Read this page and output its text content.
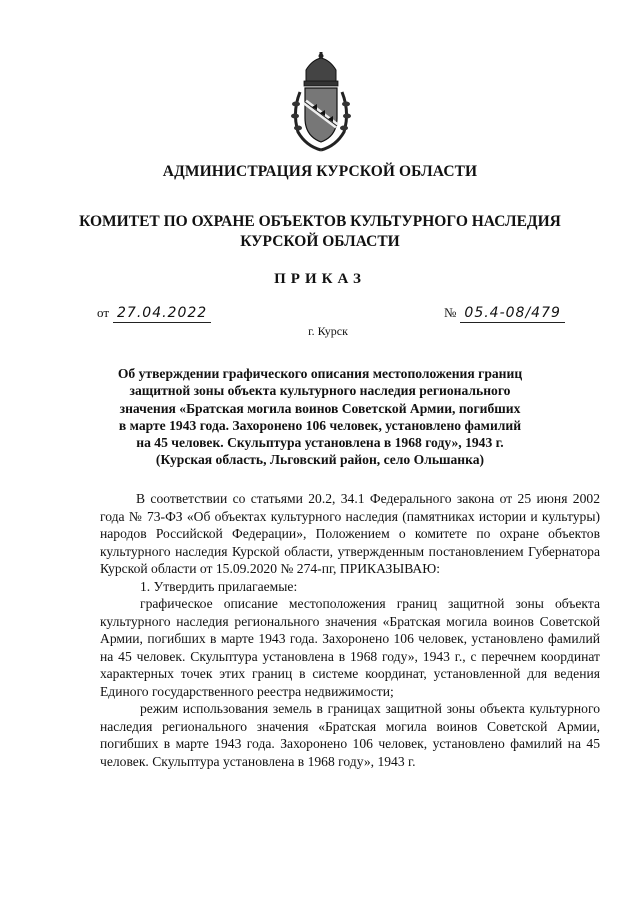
АДМИНИСТРАЦИЯ КУРСКОЙ ОБЛАСТИ
КОМИТЕТ ПО ОХРАНЕ ОБЪЕКТОВ КУЛЬТУРНОГО НАСЛЕДИЯ
КУРСКОЙ ОБЛАСТИ
ПРИКАЗ
от 27.04.2022	№ 05.4-08/479
г. Курск
Об утверждении графического описания местоположения границ
защитной зоны объекта культурного наследия регионального
значения «Братская могила воинов Советской Армии, погибших
в марте 1943 года. Захоронено 106 человек, установлено фамилий
на 45 человек. Скульптура установлена в 1968 году», 1943 г.
(Курская область, Льговский район, село Ольшанка)

В соответствии со статьями 20.2, 34.1 Федерального закона от 25 июня 2002 года № 73-ФЗ «Об объектах культурного наследия (памятниках истории и культуры) народов Российской Федерации», Положением о комитете по охране объектов культурного наследия Курской области, утвержденным постановлением Губернатора Курской области от 15.09.2020 № 274-пг, ПРИКАЗЫВАЮ:

1. Утвердить прилагаемые:

графическое описание местоположения границ защитной зоны объекта культурного наследия регионального значения «Братская могила воинов Советской Армии, погибших в марте 1943 года. Захоронено 106 человек, установлено фамилий на 45 человек. Скульптура установлена в 1968 году», 1943 г., с перечнем координат характерных точек этих границ в системе координат, установленной для ведения Единого государственного реестра недвижимости;

режим использования земель в границах защитной зоны объекта культурного наследия регионального значения «Братская могила воинов Советской Армии, погибших в марте 1943 года. Захоронено 106 человек, установлено фамилий на 45 человек. Скульптура установлена в 1968 году», 1943 г.
